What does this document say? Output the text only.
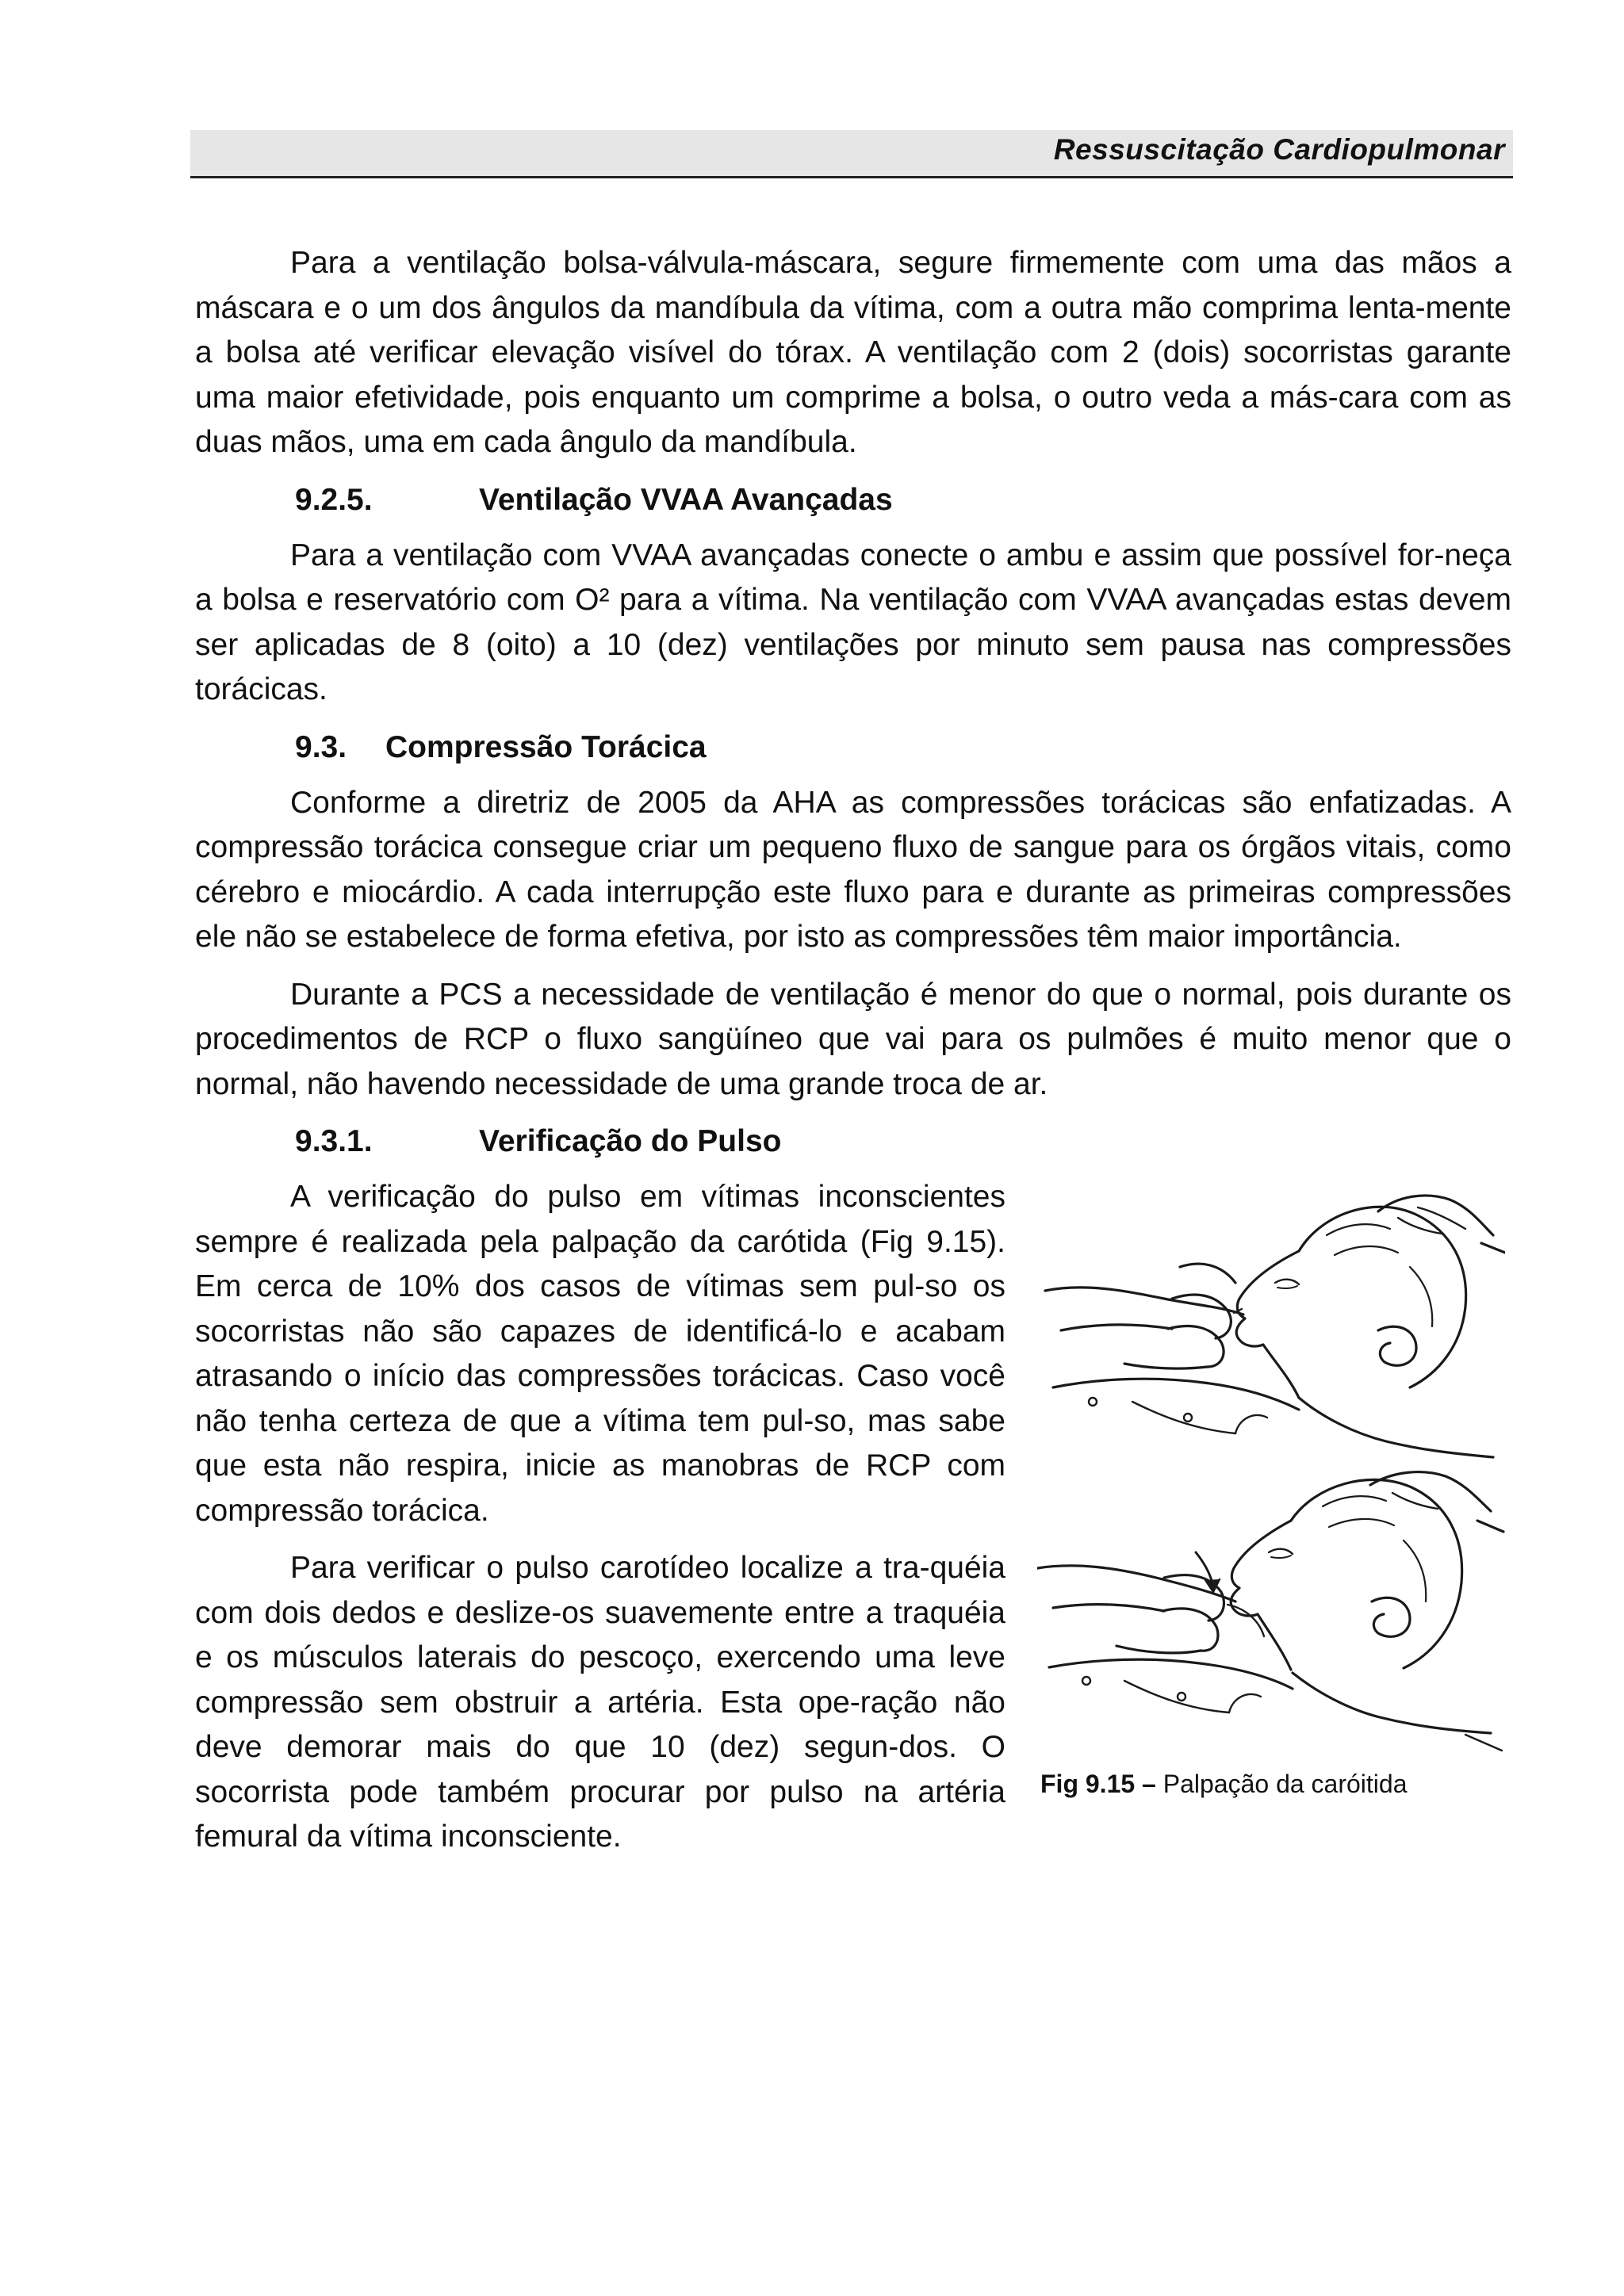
Ressuscitação Cardiopulmonar

Para a ventilação bolsa-válvula-máscara, segure firmemente com uma das mãos a máscara e o um dos ângulos da mandíbula da vítima, com a outra mão comprima lenta-mente a bolsa até verificar elevação visível do tórax. A ventilação com 2 (dois) socorristas garante uma maior efetividade, pois enquanto um comprime a bolsa, o outro veda a más-cara com as duas mãos, uma em cada ângulo da mandíbula.

9.2.5.	Ventilação VVAA Avançadas

Para a ventilação com VVAA avançadas conecte o ambu e assim que possível for-neça a bolsa e reservatório com O² para a vítima. Na ventilação com VVAA avançadas estas devem ser aplicadas de 8 (oito) a 10 (dez) ventilações por minuto sem pausa nas compressões torácicas.

9.3. Compressão Torácica

Conforme a diretriz de 2005 da AHA as compressões torácicas são enfatizadas. A compressão torácica consegue criar um pequeno fluxo de sangue para os órgãos vitais, como cérebro e miocárdio. A cada interrupção este fluxo para e durante as primeiras compressões ele não se estabelece de forma efetiva, por isto as compressões têm maior importância.

Durante a PCS a necessidade de ventilação é menor do que o normal, pois durante os procedimentos de RCP o fluxo sangüíneo que vai para os pulmões é muito menor que o normal, não havendo necessidade de uma grande troca de ar.

9.3.1.	Verificação do Pulso

A verificação do pulso em vítimas inconscientes sempre é realizada pela palpação da carótida (Fig 9.15). Em cerca de 10% dos casos de vítimas sem pul-so os socorristas não são capazes de identificá-lo e acabam atrasando o início das compressões torácicas. Caso você não tenha certeza de que a vítima tem pul-so, mas sabe que esta não respira, inicie as manobras de RCP com compressão torácica.

Para verificar o pulso carotídeo localize a tra-quéia com dois dedos e deslize-os suavemente entre a traquéia e os músculos laterais do pescoço, exercendo uma leve compressão sem obstruir a artéria. Esta ope-ração não deve demorar mais do que 10 (dez) segun-dos. O socorrista pode também procurar por pulso na artéria femural da vítima inconsciente.

Fig 9.15 – Palpação da caróitida
